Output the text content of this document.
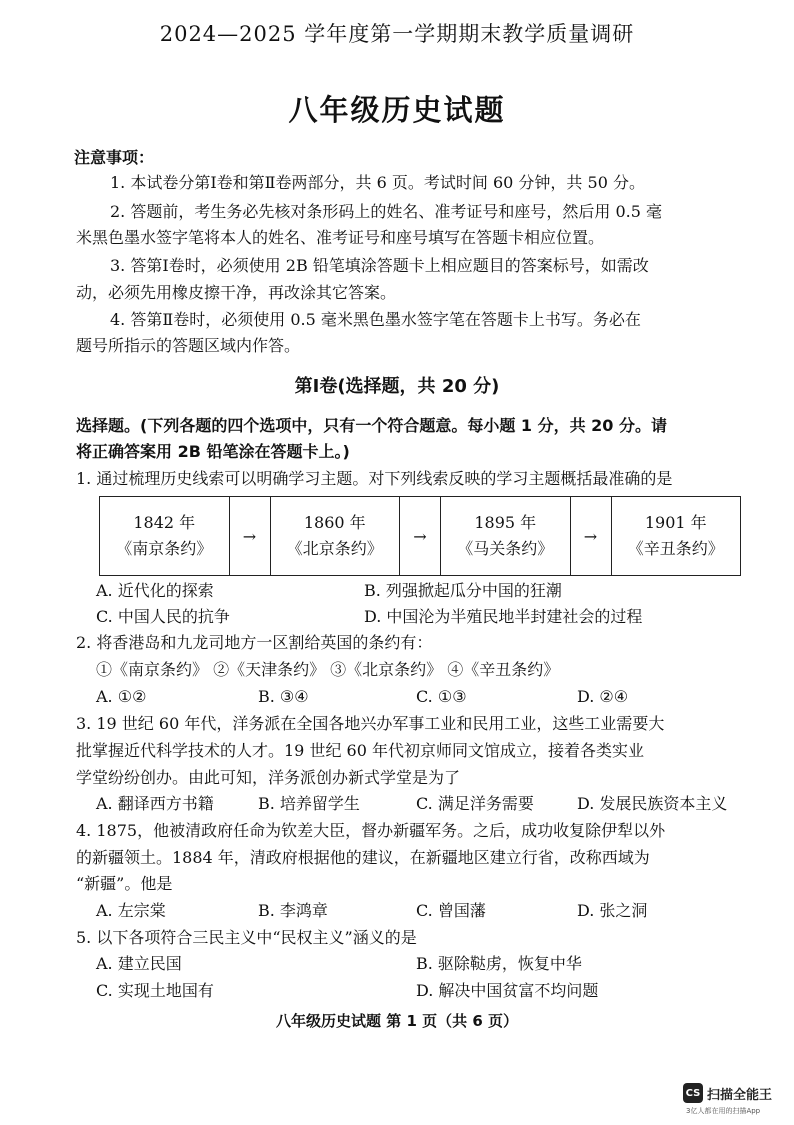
2024—2025 学年度第一学期期末教学质量调研
八年级历史试题
注意事项：
1. 本试卷分第Ⅰ卷和第Ⅱ卷两部分，共 6 页。考试时间 60 分钟，共 50 分。
2. 答题前，考生务必先核对条形码上的姓名、准考证号和座号，然后用 0.5 毫
米黑色墨水签字笔将本人的姓名、准考证号和座号填写在答题卡相应位置。
3. 答第Ⅰ卷时，必须使用 2B 铅笔填涂答题卡上相应题目的答案标号，如需改
动，必须先用橡皮擦干净，再改涂其它答案。
4. 答第Ⅱ卷时，必须使用 0.5 毫米黑色墨水签字笔在答题卡上书写。务必在
题号所指示的答题区域内作答。
第Ⅰ卷(选择题，共 20 分)
选择题。(下列各题的四个选项中，只有一个符合题意。每小题 1 分，共 20 分。请
将正确答案用 2B 铅笔涂在答题卡上。)
1. 通过梳理历史线索可以明确学习主题。对下列线索反映的学习主题概括最准确的是
1842 年
《南京条约》
→
1860 年
《北京条约》
→
1895 年
《马关条约》
→
1901 年
《辛丑条约》
A. 近代化的探索	B. 列强掀起瓜分中国的狂潮
C. 中国人民的抗争	D. 中国沦为半殖民地半封建社会的过程
2. 将香港岛和九龙司地方一区割给英国的条约有：
①《南京条约》 ②《天津条约》 ③《北京条约》 ④《辛丑条约》
A. ①②	B. ③④	C. ①③	D. ②④
3. 19 世纪 60 年代，洋务派在全国各地兴办军事工业和民用工业，这些工业需要大
批掌握近代科学技术的人才。19 世纪 60 年代初京师同文馆成立，接着各类实业
学堂纷纷创办。由此可知，洋务派创办新式学堂是为了
A. 翻译西方书籍	B. 培养留学生	C. 满足洋务需要	D. 发展民族资本主义
4. 1875，他被清政府任命为钦差大臣，督办新疆军务。之后，成功收复除伊犁以外
的新疆领土。1884 年，清政府根据他的建议，在新疆地区建立行省，改称西域为
“新疆”。他是
A. 左宗棠	B. 李鸿章	C. 曾国藩	D. 张之洞
5. 以下各项符合三民主义中“民权主义”涵义的是
A. 建立民国	B. 驱除鞑虏，恢复中华
C. 实现土地国有	D. 解决中国贫富不均问题
八年级历史试题 第 1 页（共 6 页）
CS 扫描全能王
3亿人都在用的扫描App
